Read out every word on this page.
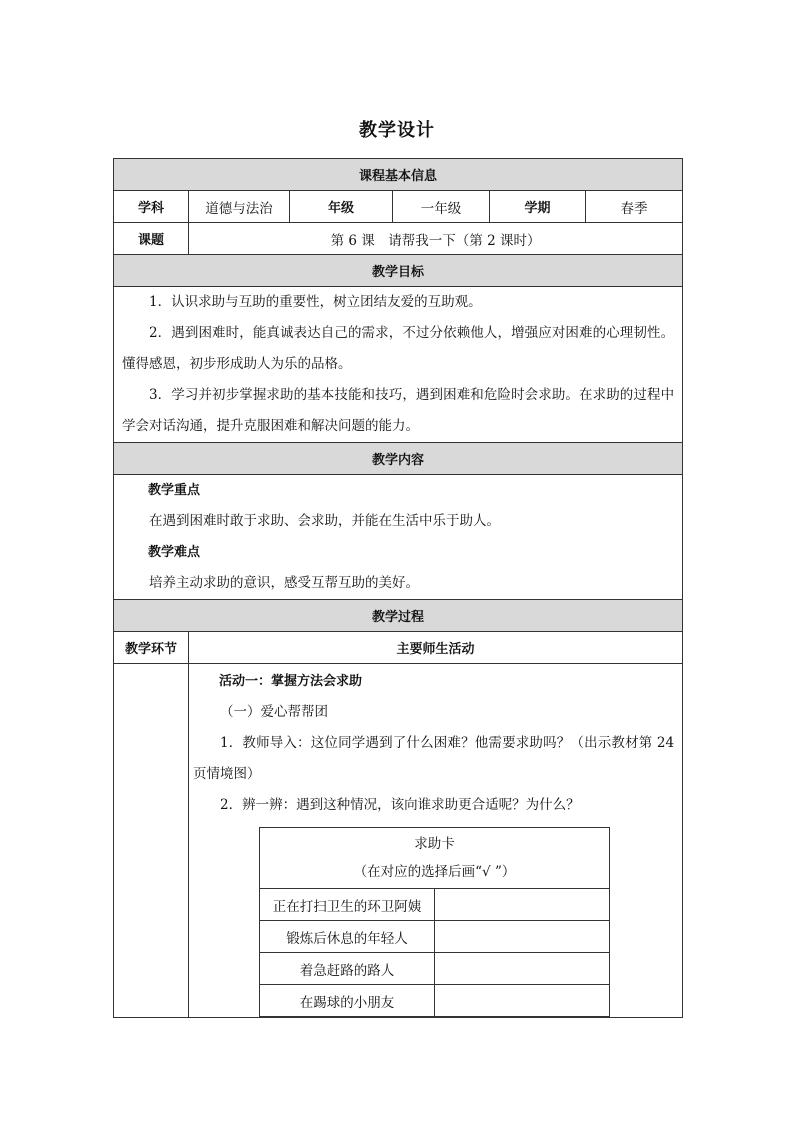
教学设计
课程基本信息
学科	道德与法治	年级	一年级	学期	春季
课题	第 6 课　请帮我一下（第 2 课时）
教学目标

1．认识求助与互助的重要性，树立团结友爱的互助观。

2．遇到困难时，能真诚表达自己的需求，不过分依赖他人，增强应对困难的心理韧性。懂得感恩，初步形成助人为乐的品格。

3．学习并初步掌握求助的基本技能和技巧，遇到困难和危险时会求助。在求助的过程中学会对话沟通，提升克服困难和解决问题的能力。

教学内容

教学重点

在遇到困难时敢于求助、会求助，并能在生活中乐于助人。

教学难点

培养主动求助的意识，感受互帮互助的美好。

教学过程
教学环节	主要师生活动

活动一：掌握方法会求助

（一）爱心帮帮团

1．教师导入：这位同学遇到了什么困难？他需要求助吗？（出示教材第 24 页情境图）

2．辨一辨：遇到这种情况，该向谁求助更合适呢？为什么？

求助卡
（在对应的选择后画“√ ”）

正在打扫卫生的环卫阿姨	
锻炼后休息的年轻人	
着急赶路的路人	
在踢球的小朋友	
